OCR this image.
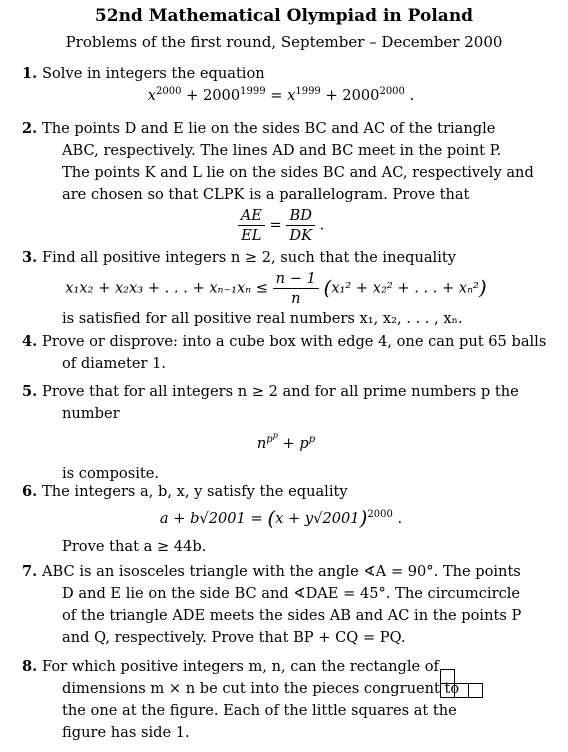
52nd Mathematical Olympiad in Poland
Problems of the first round, September – December 2000
1. Solve in integers the equation
$x^{2000} + 2000^{1999} = x^{1999} + 2000^{2000}$ .
2. The points D and E lie on the sides BC and AC of the triangle
ABC, respectively. The lines AD and BC meet in the point P.
The points K and L lie on the sides BC and AC, respectively and
are chosen so that CLPK is a parallelogram. Prove that
$\frac{AE}{EL} = \frac{BD}{DK}$ .
3. Find all positive integers n ≥ 2, such that the inequality
x₁x₂ + x₂x₃ + . . . + $x_{n-1}x_n \le \frac{n - 1}{n} (x_1^2 + x_2^2$ + . . . + xₙ²)
is satisfied for all positive real numbers x₁, x₂, . . . , xₙ.
4. Prove or disprove: into a cube box with edge 4, one can put 65 balls
of diameter 1.
5. Prove that for all integers n ≥ 2 and for all prime numbers p the
number
$n^{p^p} + p^p$
is composite.
6. The integers a, b, x, y satisfy the equality
$a + b√2001 = (x + y√2001)^{2000}$ .
Prove that a ≥ 44b.
7. ABC is an isosceles triangle with the angle ∢A = 90°. The points
D and E lie on the side BC and ∢DAE = 45°. The circumcircle
of the triangle ADE meets the sides AB and AC in the points P
and Q, respectively. Prove that BP + CQ = PQ.
8. For which positive integers m, n, can the rectangle of
dimensions m × n be cut into the pieces congruent to
the one at the figure. Each of the little squares at the
figure has side 1.
